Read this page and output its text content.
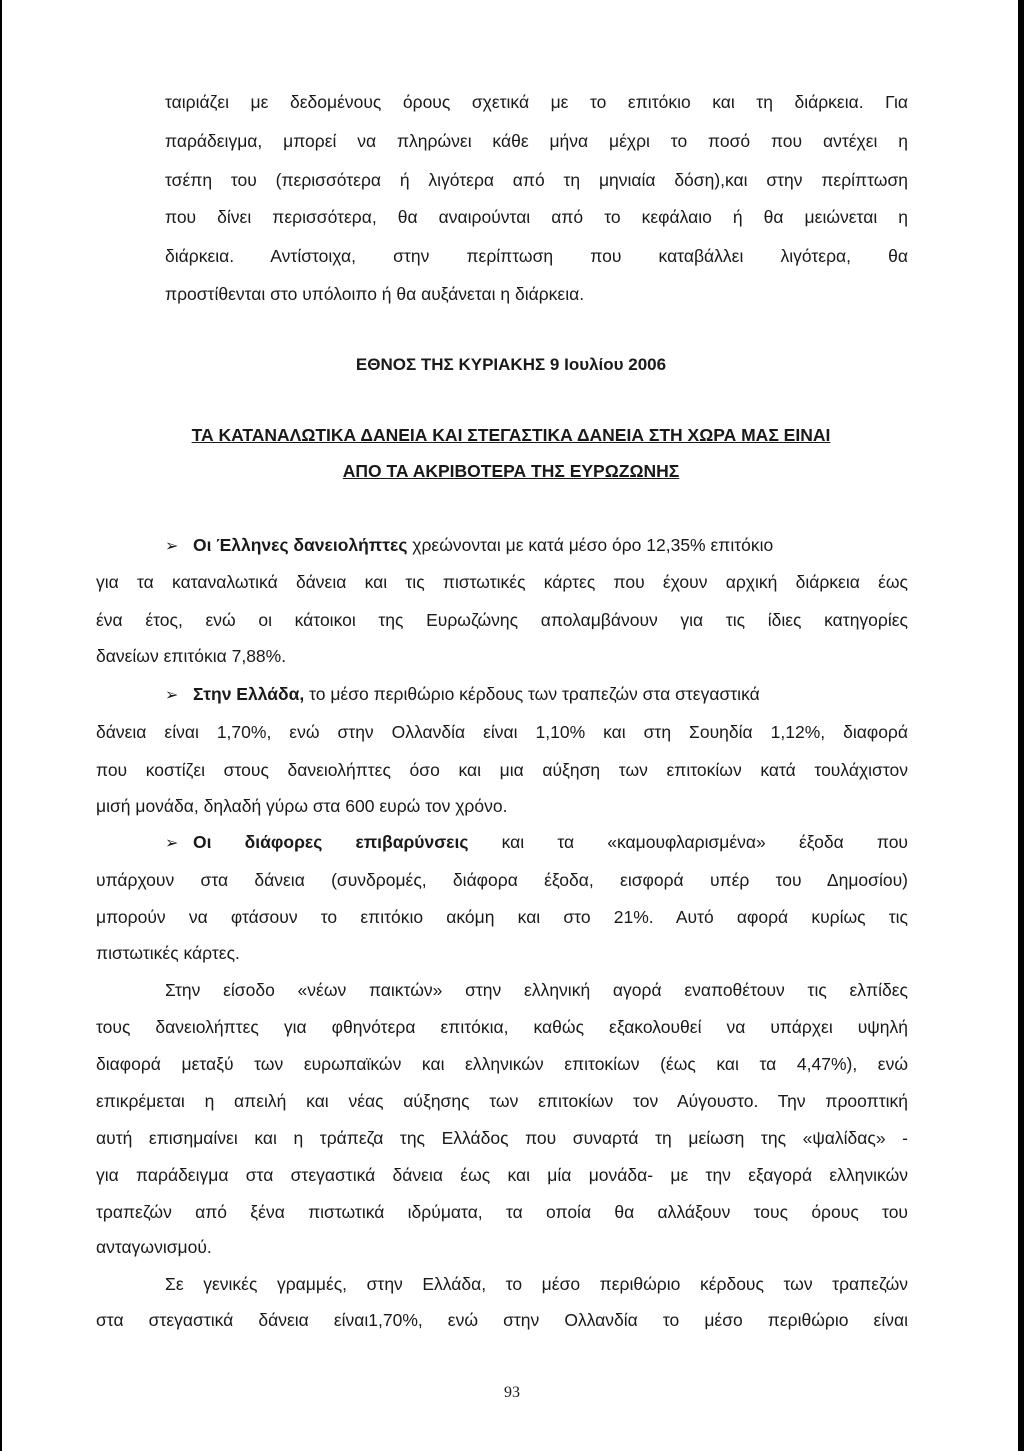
ταιριάζει με δεδομένους όρους σχετικά με το επιτόκιο και τη διάρκεια. Για
παράδειγμα, μπορεί να πληρώνει κάθε μήνα μέχρι το ποσό που αντέχει η
τσέπη του (περισσότερα ή λιγότερα από τη μηνιαία δόση),και στην περίπτωση
που δίνει περισσότερα, θα αναιρούνται από το κεφάλαιο ή θα μειώνεται η
διάρκεια. Αντίστοιχα, στην περίπτωση που καταβάλλει λιγότερα, θα
προστίθενται στο υπόλοιπο ή θα αυξάνεται η διάρκεια.
ΕΘΝΟΣ ΤΗΣ ΚΥΡΙΑΚΗΣ 9 Ιουλίου 2006
ΤΑ ΚΑΤΑΝΑΛΩΤΙΚΑ ΔΑΝΕΙΑ ΚΑΙ ΣΤΕΓΑΣΤΙΚΑ ΔΑΝΕΙΑ ΣΤΗ ΧΩΡΑ ΜΑΣ ΕΙΝΑΙ
ΑΠΟ ΤΑ ΑΚΡΙΒΟΤΕΡΑ ΤΗΣ ΕΥΡΩΖΩΝΗΣ
➢ Οι Έλληνες δανειολήπτες χρεώνονται με κατά μέσο όρο 12,35% επιτόκιο
για τα καταναλωτικά δάνεια και τις πιστωτικές κάρτες που έχουν αρχική διάρκεια έως
ένα έτος, ενώ οι κάτοικοι της Ευρωζώνης απολαμβάνουν για τις ίδιες κατηγορίες
δανείων επιτόκια 7,88%.
➢ Στην Ελλάδα, το μέσο περιθώριο κέρδους των τραπεζών στα στεγαστικά
δάνεια είναι 1,70%, ενώ στην Ολλανδία είναι 1,10% και στη Σουηδία 1,12%, διαφορά
που κοστίζει στους δανειολήπτες όσο και μια αύξηση των επιτοκίων κατά τουλάχιστον
μισή μονάδα, δηλαδή γύρω στα 600 ευρώ τον χρόνο.
➢ Οι διάφορες επιβαρύνσεις και τα «καμουφλαρισμένα» έξοδα που
υπάρχουν στα δάνεια (συνδρομές, διάφορα έξοδα, εισφορά υπέρ του Δημοσίου)
μπορούν να φτάσουν το επιτόκιο ακόμη και στο 21%. Αυτό αφορά κυρίως τις
πιστωτικές κάρτες.
Στην είσοδο «νέων παικτών» στην ελληνική αγορά εναποθέτουν τις ελπίδες
τους δανειολήπτες για φθηνότερα επιτόκια, καθώς εξακολουθεί να υπάρχει υψηλή
διαφορά μεταξύ των ευρωπαϊκών και ελληνικών επιτοκίων (έως και τα 4,47%), ενώ
επικρέμεται η απειλή και νέας αύξησης των επιτοκίων τον Αύγουστο. Την προοπτική
αυτή επισημαίνει και η τράπεζα της Ελλάδος που συναρτά τη μείωση της «ψαλίδας» -
για παράδειγμα στα στεγαστικά δάνεια έως και μία μονάδα- με την εξαγορά ελληνικών
τραπεζών από ξένα πιστωτικά ιδρύματα, τα οποία θα αλλάξουν τους όρους του
ανταγωνισμού.
Σε γενικές γραμμές, στην Ελλάδα, το μέσο περιθώριο κέρδους των τραπεζών
στα στεγαστικά δάνεια είναι1,70%, ενώ στην Ολλανδία το μέσο περιθώριο είναι
93
